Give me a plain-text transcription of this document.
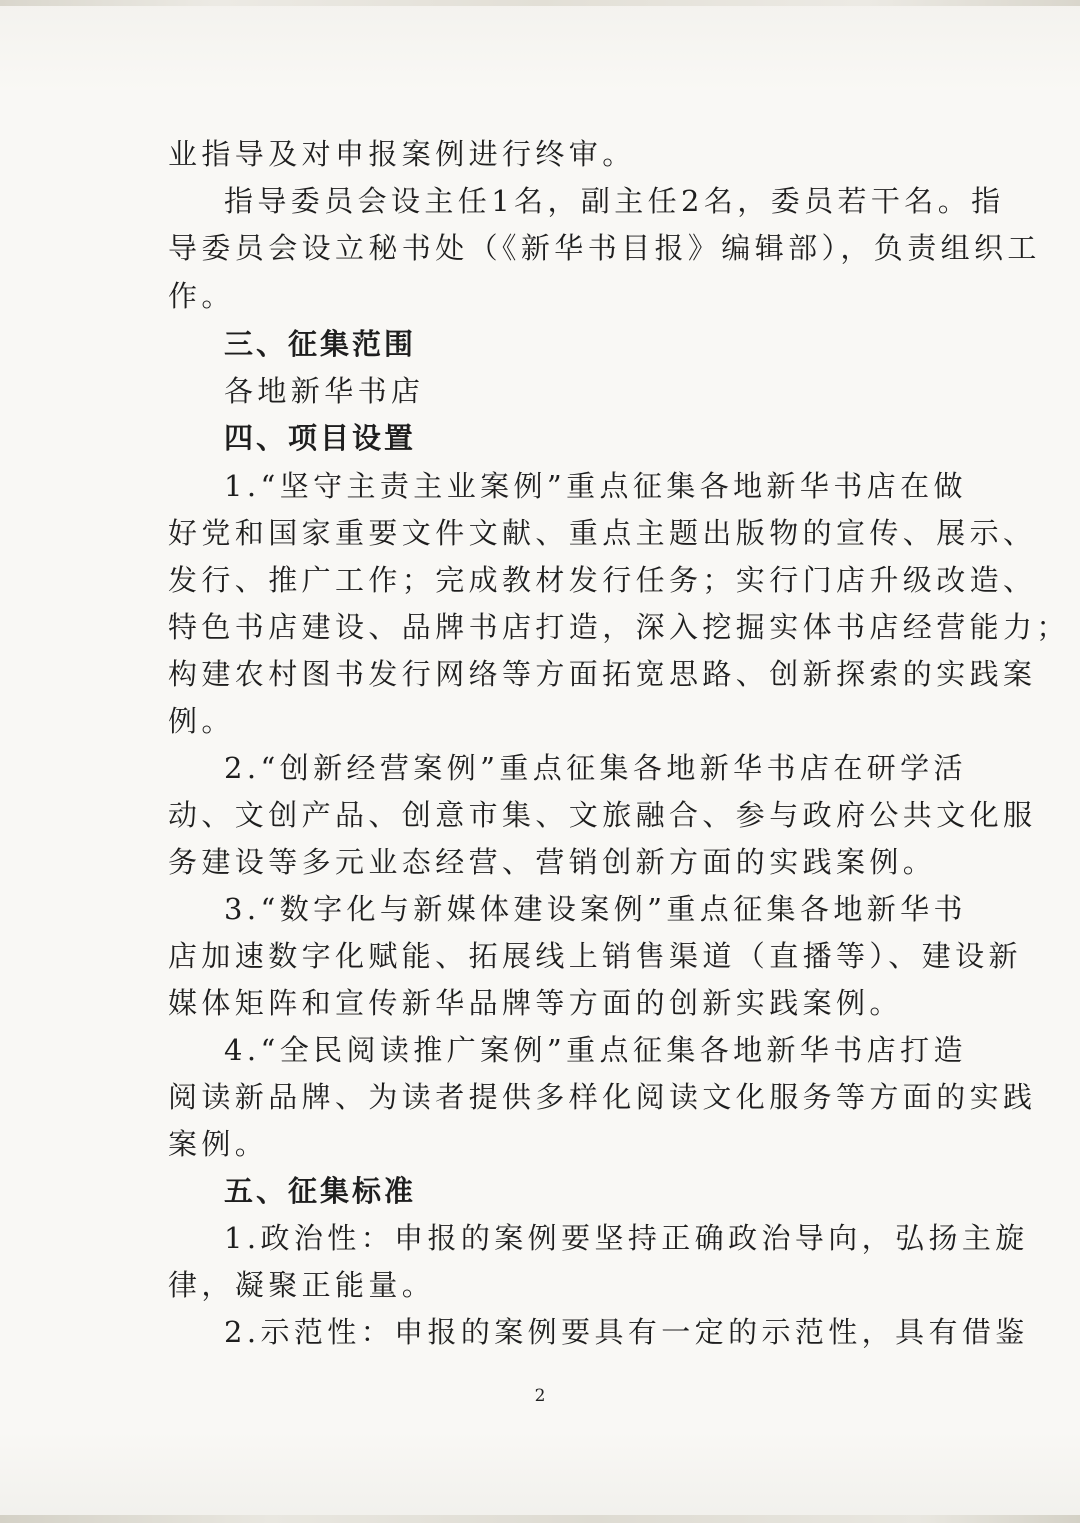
业指导及对申报案例进行终审。
指导委员会设主任1名，副主任2名，委员若干名。指
导委员会设立秘书处（《新华书目报》编辑部），负责组织工
作。
三、征集范围
各地新华书店
四、项目设置
1.“坚守主责主业案例”重点征集各地新华书店在做
好党和国家重要文件文献、重点主题出版物的宣传、展示、
发行、推广工作；完成教材发行任务；实行门店升级改造、
特色书店建设、品牌书店打造，深入挖掘实体书店经营能力；
构建农村图书发行网络等方面拓宽思路、创新探索的实践案
例。
2.“创新经营案例”重点征集各地新华书店在研学活
动、文创产品、创意市集、文旅融合、参与政府公共文化服
务建设等多元业态经营、营销创新方面的实践案例。
3.“数字化与新媒体建设案例”重点征集各地新华书
店加速数字化赋能、拓展线上销售渠道（直播等）、建设新
媒体矩阵和宣传新华品牌等方面的创新实践案例。
4.“全民阅读推广案例”重点征集各地新华书店打造
阅读新品牌、为读者提供多样化阅读文化服务等方面的实践
案例。
五、征集标准
1.政治性：申报的案例要坚持正确政治导向，弘扬主旋
律，凝聚正能量。
2.示范性：申报的案例要具有一定的示范性，具有借鉴
2
